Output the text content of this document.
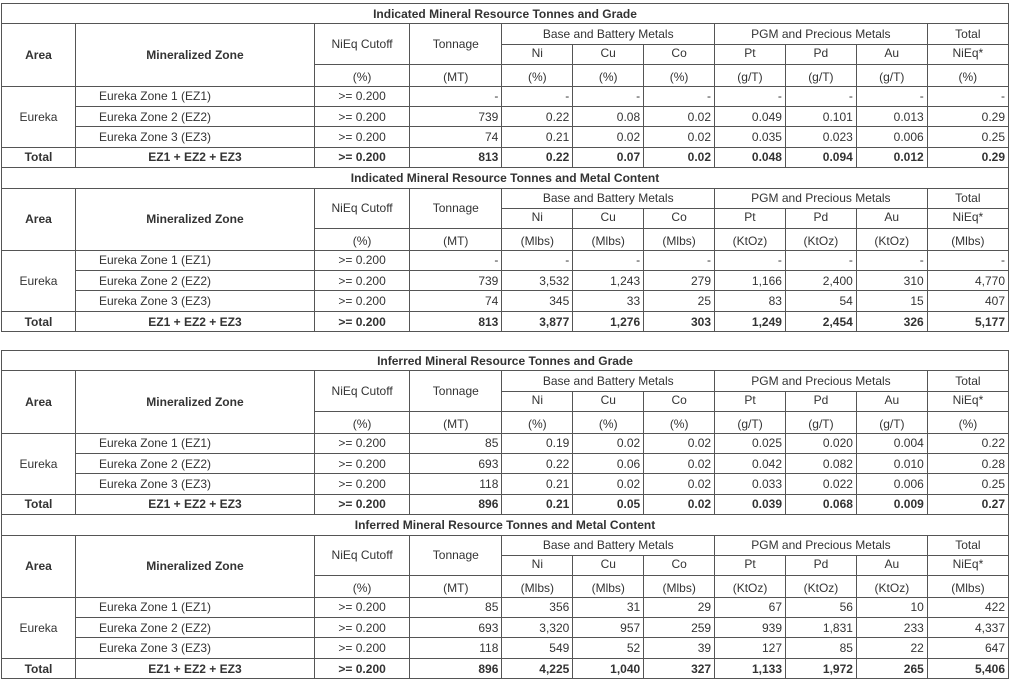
Indicated Mineral Resource Tonnes and Grade										
Area	Mineralized Zone	NiEq Cutoff	Tonnage	Base and Battery Metals			PGM and Precious Metals			Total
				Ni	Cu	Co	Pt	Pd	Au	NiEq*
		(%)	(MT)	(%)	(%)	(%)	(g/T)	(g/T)	(g/T)	(%)
Eureka	Eureka Zone 1 (EZ1)	>= 0.200	-	-	-	-	-	-	-	-
	Eureka Zone 2 (EZ2)	>= 0.200	739	0.22	0.08	0.02	0.049	0.101	0.013	0.29
	Eureka Zone 3 (EZ3)	>= 0.200	74	0.21	0.02	0.02	0.035	0.023	0.006	0.25
Total	EZ1 + EZ2 + EZ3	>= 0.200	813	0.22	0.07	0.02	0.048	0.094	0.012	0.29
Indicated Mineral Resource Tonnes and Metal Content										
Area	Mineralized Zone	NiEq Cutoff	Tonnage	Base and Battery Metals			PGM and Precious Metals			Total
				Ni	Cu	Co	Pt	Pd	Au	NiEq*
		(%)	(MT)	(Mlbs)	(Mlbs)	(Mlbs)	(KtOz)	(KtOz)	(KtOz)	(Mlbs)
Eureka	Eureka Zone 1 (EZ1)	>= 0.200	-	-	-	-	-	-	-	-
	Eureka Zone 2 (EZ2)	>= 0.200	739	3,532	1,243	279	1,166	2,400	310	4,770
	Eureka Zone 3 (EZ3)	>= 0.200	74	345	33	25	83	54	15	407
Total	EZ1 + EZ2 + EZ3	>= 0.200	813	3,877	1,276	303	1,249	2,454	326	5,177
Inferred Mineral Resource Tonnes and Grade										
Area	Mineralized Zone	NiEq Cutoff	Tonnage	Base and Battery Metals			PGM and Precious Metals			Total
				Ni	Cu	Co	Pt	Pd	Au	NiEq*
		(%)	(MT)	(%)	(%)	(%)	(g/T)	(g/T)	(g/T)	(%)
Eureka	Eureka Zone 1 (EZ1)	>= 0.200	85	0.19	0.02	0.02	0.025	0.020	0.004	0.22
	Eureka Zone 2 (EZ2)	>= 0.200	693	0.22	0.06	0.02	0.042	0.082	0.010	0.28
	Eureka Zone 3 (EZ3)	>= 0.200	118	0.21	0.02	0.02	0.033	0.022	0.006	0.25
Total	EZ1 + EZ2 + EZ3	>= 0.200	896	0.21	0.05	0.02	0.039	0.068	0.009	0.27
Inferred Mineral Resource Tonnes and Metal Content										
Area	Mineralized Zone	NiEq Cutoff	Tonnage	Base and Battery Metals			PGM and Precious Metals			Total
				Ni	Cu	Co	Pt	Pd	Au	NiEq*
		(%)	(MT)	(Mlbs)	(Mlbs)	(Mlbs)	(KtOz)	(KtOz)	(KtOz)	(Mlbs)
Eureka	Eureka Zone 1 (EZ1)	>= 0.200	85	356	31	29	67	56	10	422
	Eureka Zone 2 (EZ2)	>= 0.200	693	3,320	957	259	939	1,831	233	4,337
	Eureka Zone 3 (EZ3)	>= 0.200	118	549	52	39	127	85	22	647
Total	EZ1 + EZ2 + EZ3	>= 0.200	896	4,225	1,040	327	1,133	1,972	265	5,406
